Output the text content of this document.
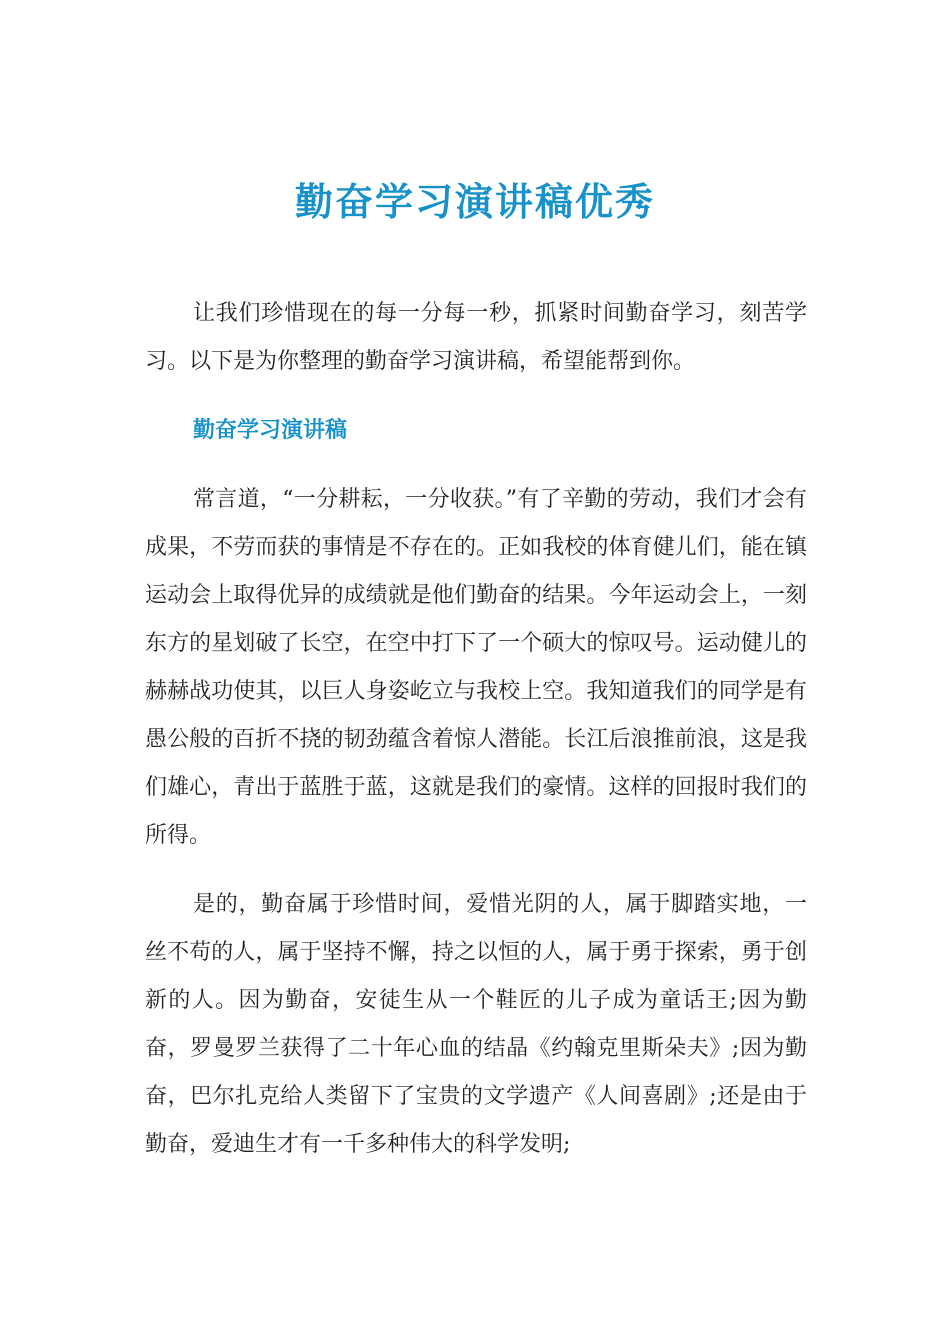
勤奋学习演讲稿优秀

让我们珍惜现在的每一分每一秒，抓紧时间勤奋学习，刻苦学习。以下是为你整理的勤奋学习演讲稿，希望能帮到你。

勤奋学习演讲稿

常言道，“一分耕耘，一分收获。”有了辛勤的劳动，我们才会有成果，不劳而获的事情是不存在的。正如我校的体育健儿们，能在镇运动会上取得优异的成绩就是他们勤奋的结果。今年运动会上，一刻东方的星划破了长空，在空中打下了一个硕大的惊叹号。运动健儿的赫赫战功使其，以巨人身姿屹立与我校上空。我知道我们的同学是有愚公般的百折不挠的韧劲蕴含着惊人潜能。长江后浪推前浪，这是我们雄心，青出于蓝胜于蓝，这就是我们的豪情。这样的回报时我们的所得。

是的，勤奋属于珍惜时间，爱惜光阴的人，属于脚踏实地，一丝不苟的人，属于坚持不懈，持之以恒的人，属于勇于探索，勇于创新的人。因为勤奋，安徒生从一个鞋匠的儿子成为童话王;因为勤奋，罗曼罗兰获得了二十年心血的结晶《约翰克里斯朵夫》;因为勤奋，巴尔扎克给人类留下了宝贵的文学遗产《人间喜剧》;还是由于勤奋，爱迪生才有一千多种伟大的科学发明;
